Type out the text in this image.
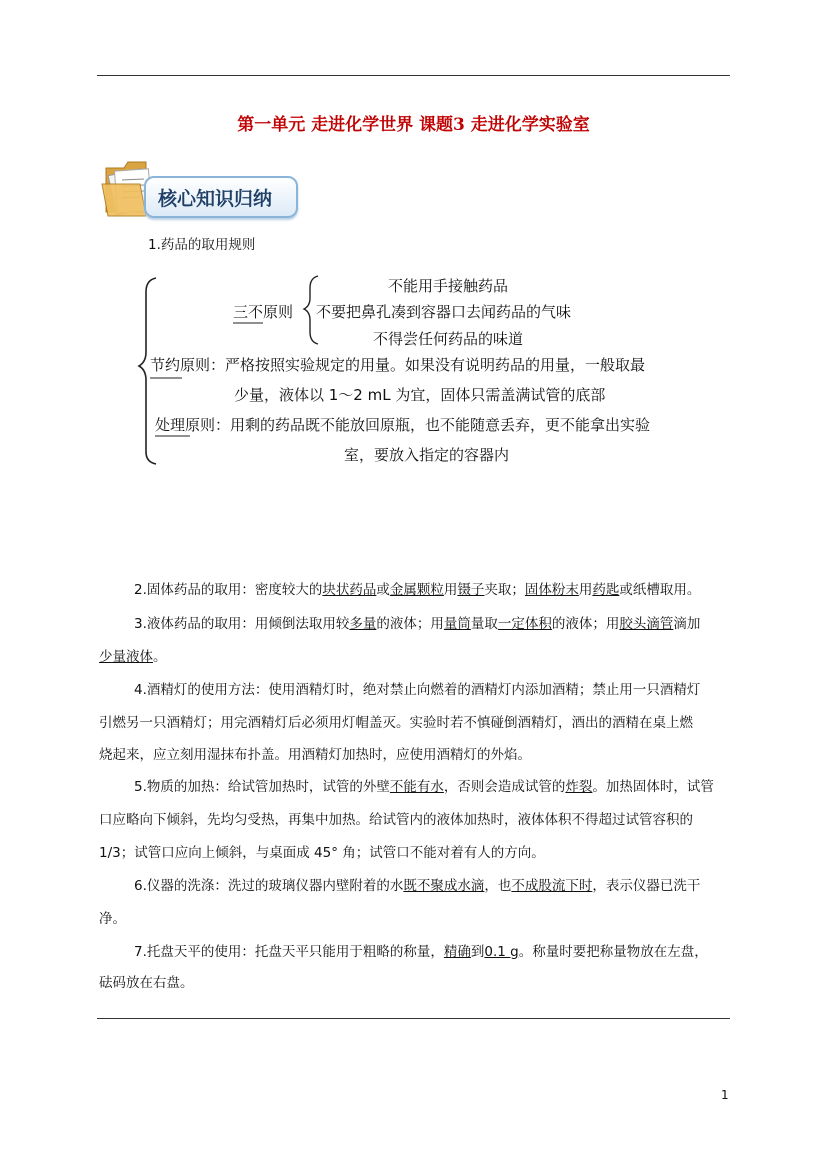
第一单元 走进化学世界 课题3 走进化学实验室
核心知识归纳
1.药品的取用规则
不能用手接触药品
三不原则 不要把鼻孔凑到容器口去闻药品的气味
不得尝任何药品的味道
节约原则：严格按照实验规定的用量。如果没有说明药品的用量，一般取最
少量，液体以 1～2 mL 为宜，固体只需盖满试管的底部
处理原则：用剩的药品既不能放回原瓶，也不能随意丢弃，更不能拿出实验
室，要放入指定的容器内
2.固体药品的取用：密度较大的块状药品或金属颗粒用镊子夹取；固体粉末用药匙或纸槽取用。
3.液体药品的取用：用倾倒法取用较多量的液体；用量筒量取一定体积的液体；用胶头滴管滴加
少量液体。
4.酒精灯的使用方法：使用酒精灯时，绝对禁止向燃着的酒精灯内添加酒精；禁止用一只酒精灯
引燃另一只酒精灯；用完酒精灯后必须用灯帽盖灭。实验时若不慎碰倒酒精灯，酒出的酒精在桌上燃
烧起来，应立刻用湿抹布扑盖。用酒精灯加热时，应使用酒精灯的外焰。
5.物质的加热：给试管加热时，试管的外壁不能有水，否则会造成试管的炸裂。加热固体时，试管
口应略向下倾斜，先均匀受热，再集中加热。给试管内的液体加热时，液体体积不得超过试管容积的
1/3；试管口应向上倾斜，与桌面成 45° 角；试管口不能对着有人的方向。
6.仪器的洗涤：洗过的玻璃仪器内壁附着的水既不聚成水滴，也不成股流下时，表示仪器已洗干
净。
7.托盘天平的使用：托盘天平只能用于粗略的称量，精确到0.1 g。称量时要把称量物放在左盘，
砝码放在右盘。
1
